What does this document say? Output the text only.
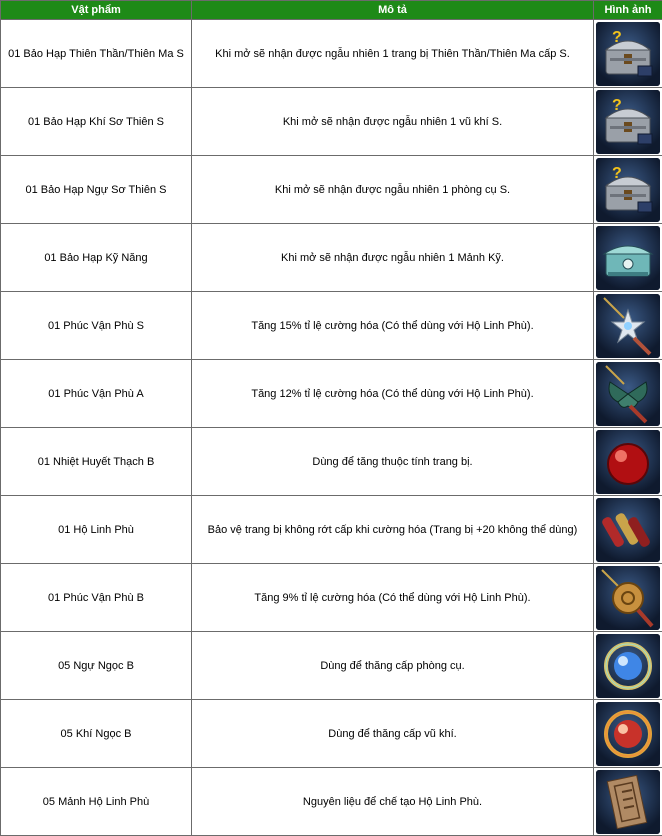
Vật phẩm	Mô tả	Hình ảnh
01 Bảo Hạp Thiên Thần/Thiên Ma S	Khi mở sẽ nhận được ngẫu nhiên 1 trang bị Thiên Thần/Thiên Ma cấp S.	?

01 Bảo Hạp Khí Sơ Thiên S	Khi mở sẽ nhận được ngẫu nhiên 1 vũ khí S.	?

01 Bảo Hạp Ngự Sơ Thiên S	Khi mở sẽ nhận được ngẫu nhiên 1 phòng cụ S.	?

01 Bảo Hạp Kỹ Năng	Khi mở sẽ nhận được ngẫu nhiên 1 Mảnh Kỹ.	

01 Phúc Vận Phù S	Tăng 15% tỉ lệ cường hóa (Có thể dùng với Hộ Linh Phù).	

01 Phúc Vận Phù A	Tăng 12% tỉ lệ cường hóa (Có thể dùng với Hộ Linh Phù).	

01 Nhiệt Huyết Thạch B	Dùng để tăng thuộc tính trang bị.	

01 Hộ Linh Phù	Bảo vệ trang bị không rớt cấp khi cường hóa (Trang bị +20 không thể dùng)	

01 Phúc Vận Phù B	Tăng 9% tỉ lệ cường hóa (Có thể dùng với Hộ Linh Phù).	

05 Ngự Ngọc B	Dùng để thăng cấp phòng cụ.	

05 Khí Ngọc B	Dùng để thăng cấp vũ khí.	

05 Mảnh Hộ Linh Phù	Nguyên liệu để chế tạo Hộ Linh Phù.	
